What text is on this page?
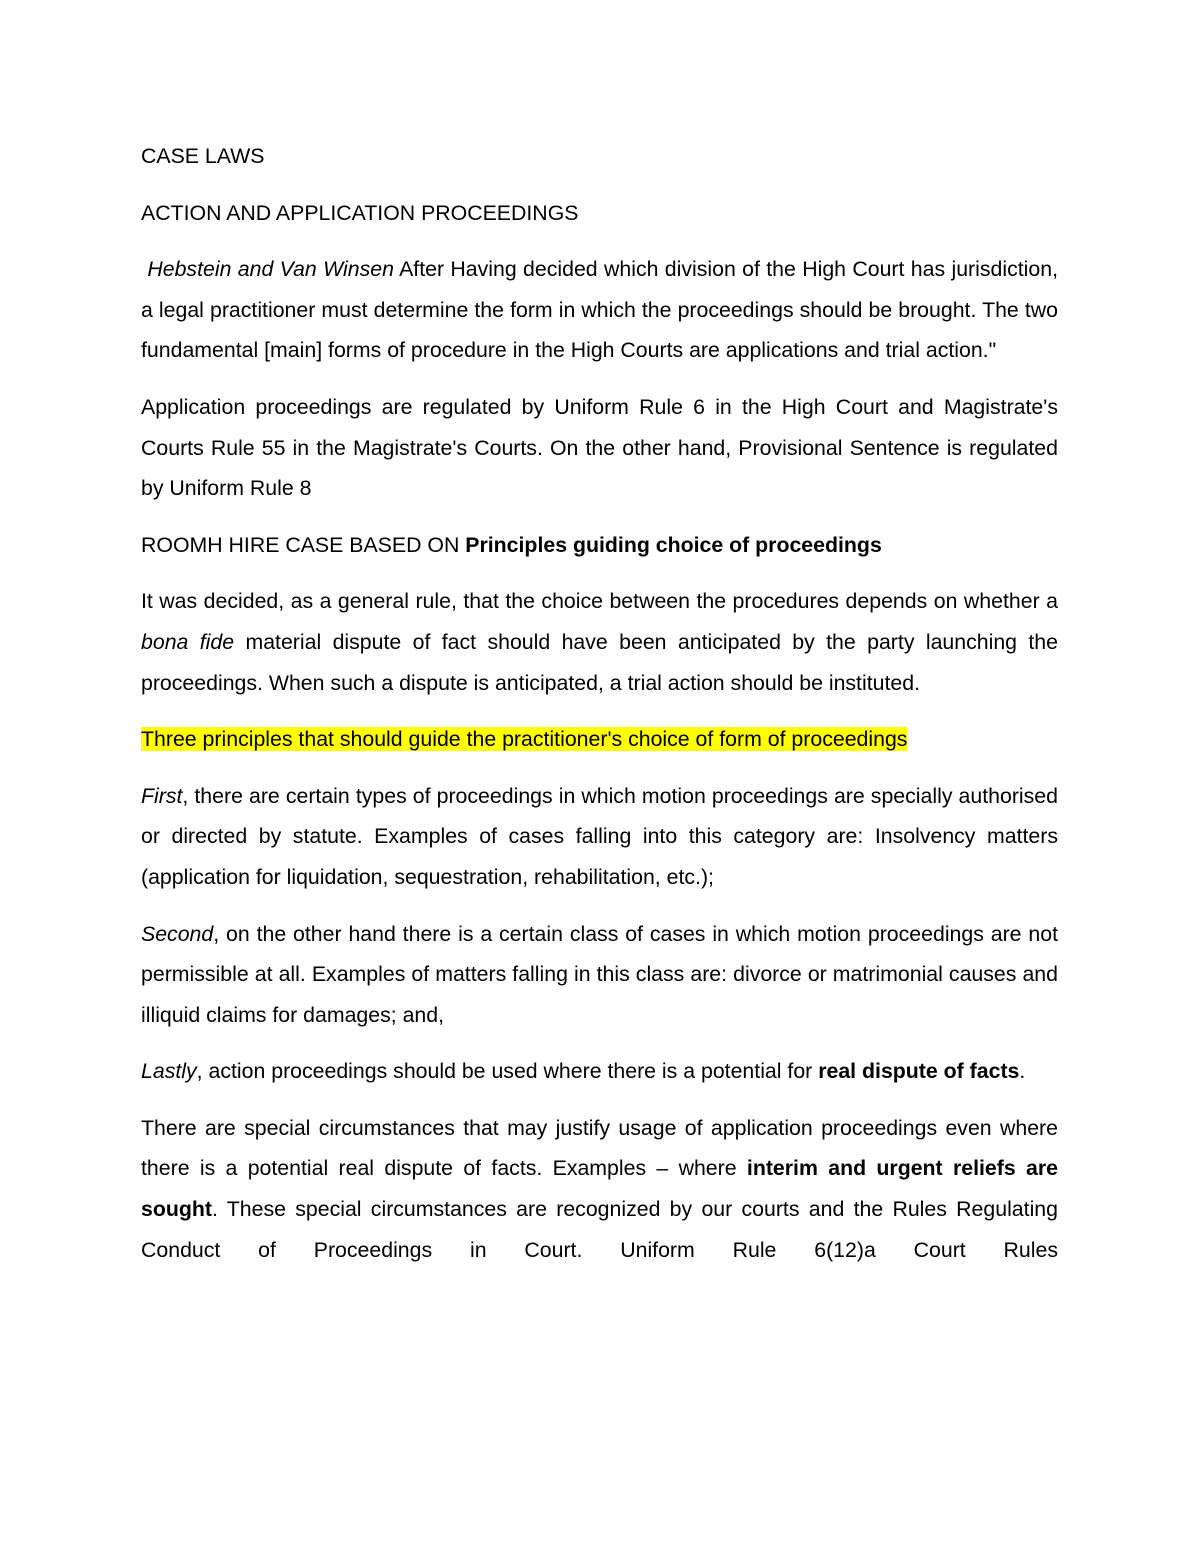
CASE LAWS

ACTION AND APPLICATION PROCEEDINGS

Hebstein and Van Winsen After Having decided which division of the High Court has jurisdiction, a legal practitioner must determine the form in which the proceedings should be brought. The two fundamental [main] forms of procedure in the High Courts are applications and trial action."

Application proceedings are regulated by Uniform Rule 6 in the High Court and Magistrate's Courts Rule 55 in the Magistrate's Courts. On the other hand, Provisional Sentence is regulated by Uniform Rule 8

ROOMH HIRE CASE BASED ON Principles guiding choice of proceedings

It was decided, as a general rule, that the choice between the procedures depends on whether a bona fide material dispute of fact should have been anticipated by the party launching the proceedings. When such a dispute is anticipated, a trial action should be instituted.

Three principles that should guide the practitioner's choice of form of proceedings

First, there are certain types of proceedings in which motion proceedings are specially authorised or directed by statute. Examples of cases falling into this category are: Insolvency matters (application for liquidation, sequestration, rehabilitation, etc.);

Second, on the other hand there is a certain class of cases in which motion proceedings are not permissible at all. Examples of matters falling in this class are: divorce or matrimonial causes and illiquid claims for damages; and,

Lastly, action proceedings should be used where there is a potential for real dispute of facts.

There are special circumstances that may justify usage of application proceedings even where there is a potential real dispute of facts. Examples – where interim and urgent reliefs are sought. These special circumstances are recognized by our courts and the Rules Regulating Conduct of Proceedings in Court. Uniform Rule 6(12)a Court Rules
